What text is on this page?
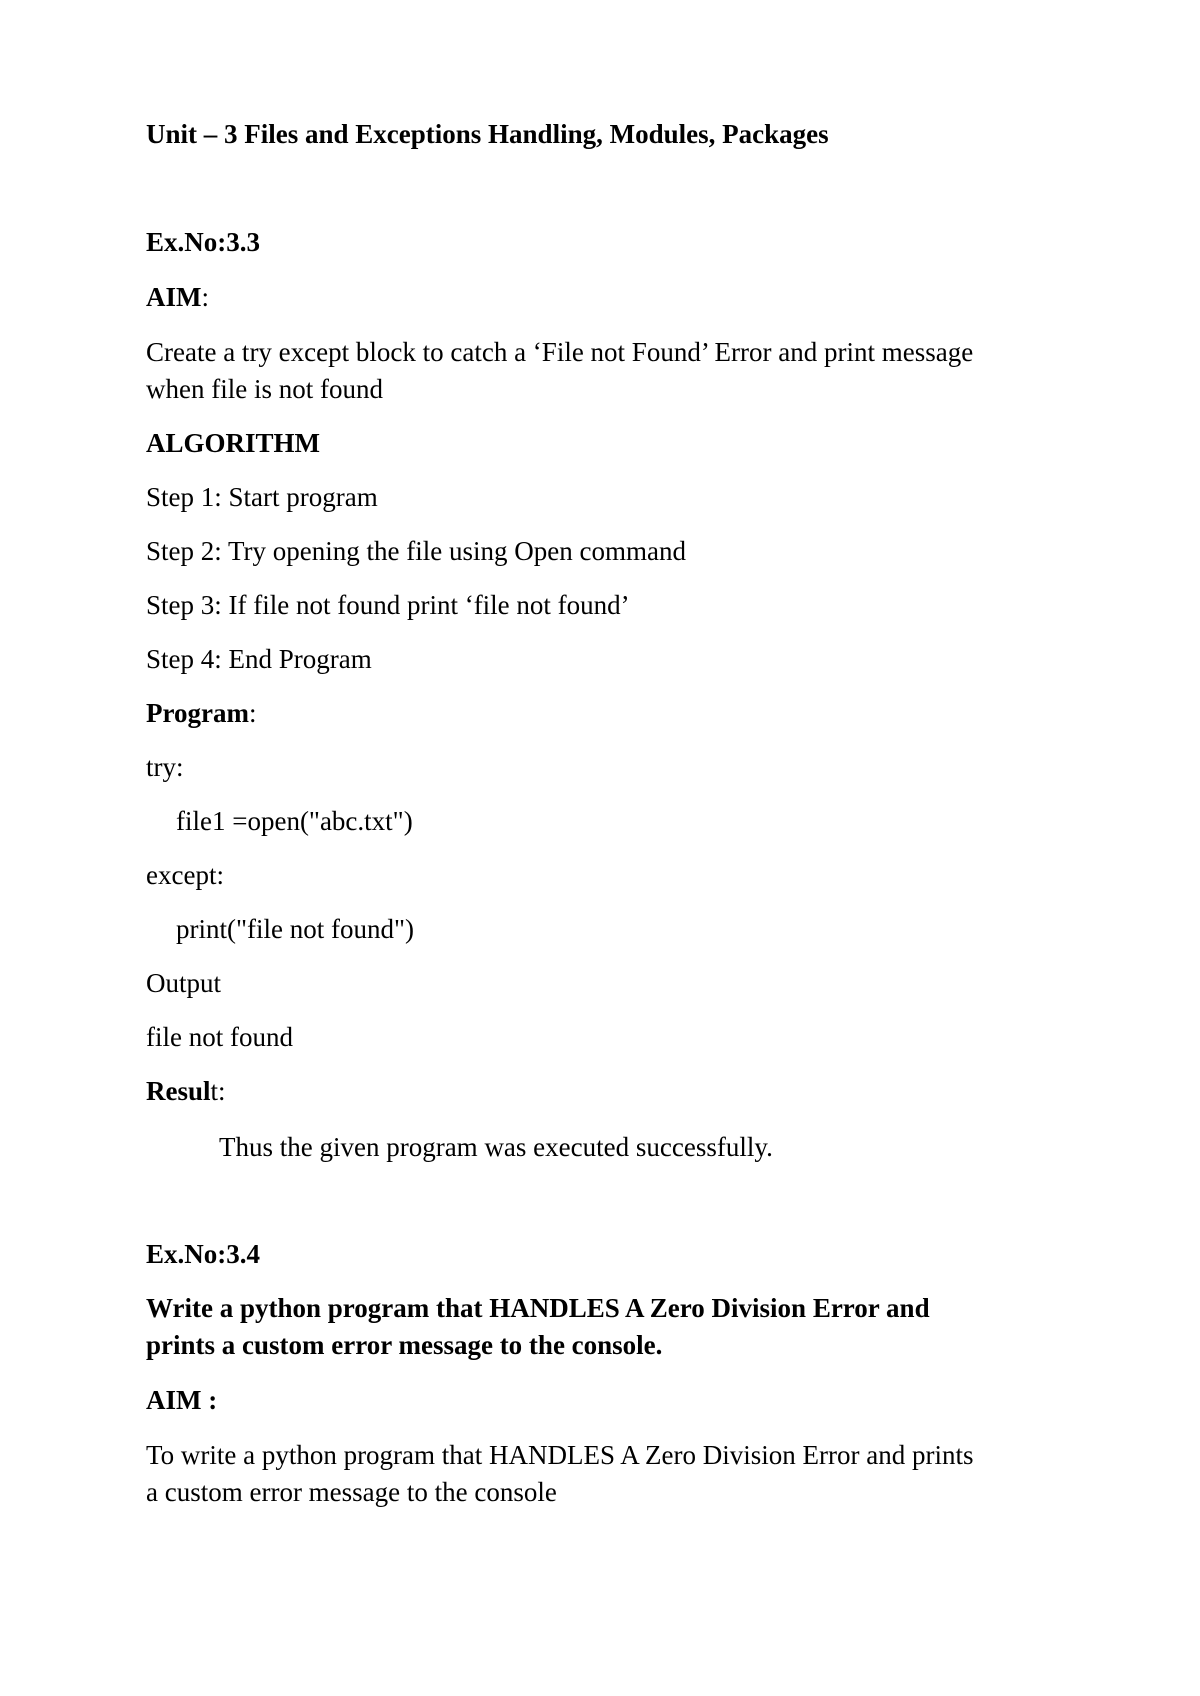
Unit – 3 Files and Exceptions Handling, Modules, Packages
Ex.No:3.3
AIM:
Create a try except block to catch a ‘File not Found’ Error and print message
when file is not found
ALGORITHM
Step 1: Start program
Step 2: Try opening the file using Open command
Step 3: If file not found print ‘file not found’
Step 4: End Program
Program:
try:
file1 =open("abc.txt")
except:
print("file not found")
Output
file not found
Result:
Thus the given program was executed successfully.
Ex.No:3.4
Write a python program that HANDLES A Zero Division Error and
prints a custom error message to the console.
AIM :
To write a python program that HANDLES A Zero Division Error and prints
a custom error message to the console
